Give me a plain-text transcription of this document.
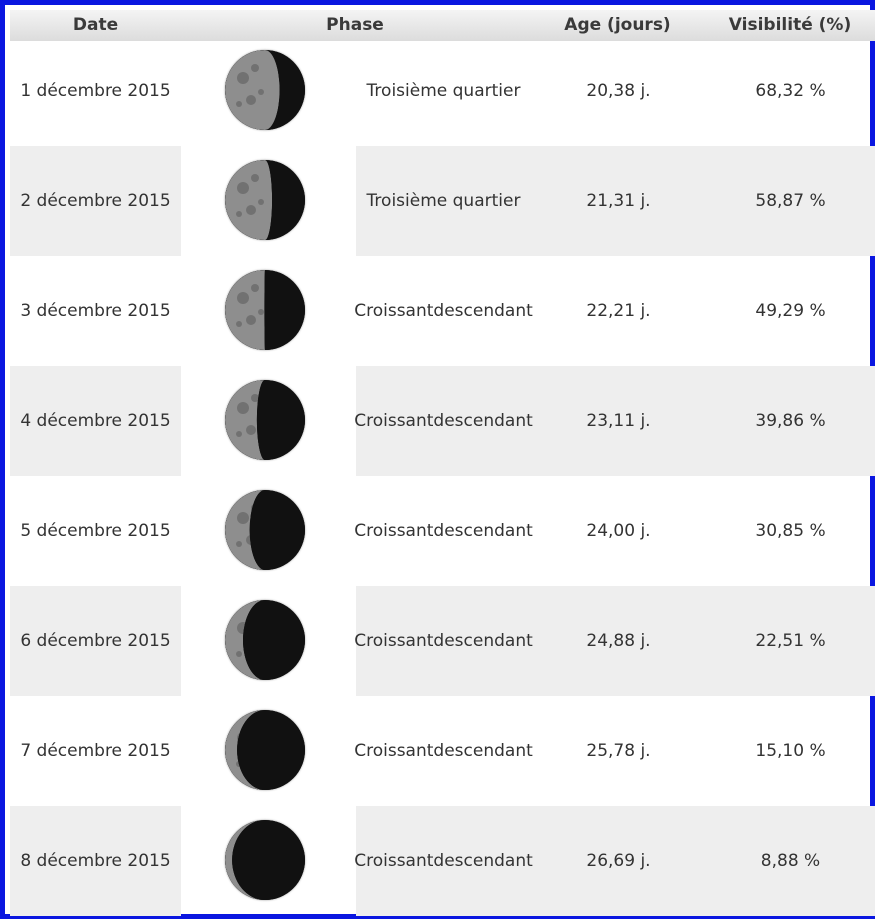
Date	Phase	Age (jours)	Visibilité (%)
1 décembre 2015	Troisième quartier	20,38 j.	68,32 %
2 décembre 2015	Troisième quartier	21,31 j.	58,87 %
3 décembre 2015	Croissant descendant	22,21 j.	49,29 %
4 décembre 2015	Croissant descendant	23,11 j.	39,86 %
5 décembre 2015	Croissant descendant	24,00 j.	30,85 %
6 décembre 2015	Croissant descendant	24,88 j.	22,51 %
7 décembre 2015	Croissant descendant	25,78 j.	15,10 %
8 décembre 2015	Croissant descendant	26,69 j.	8,88 %
